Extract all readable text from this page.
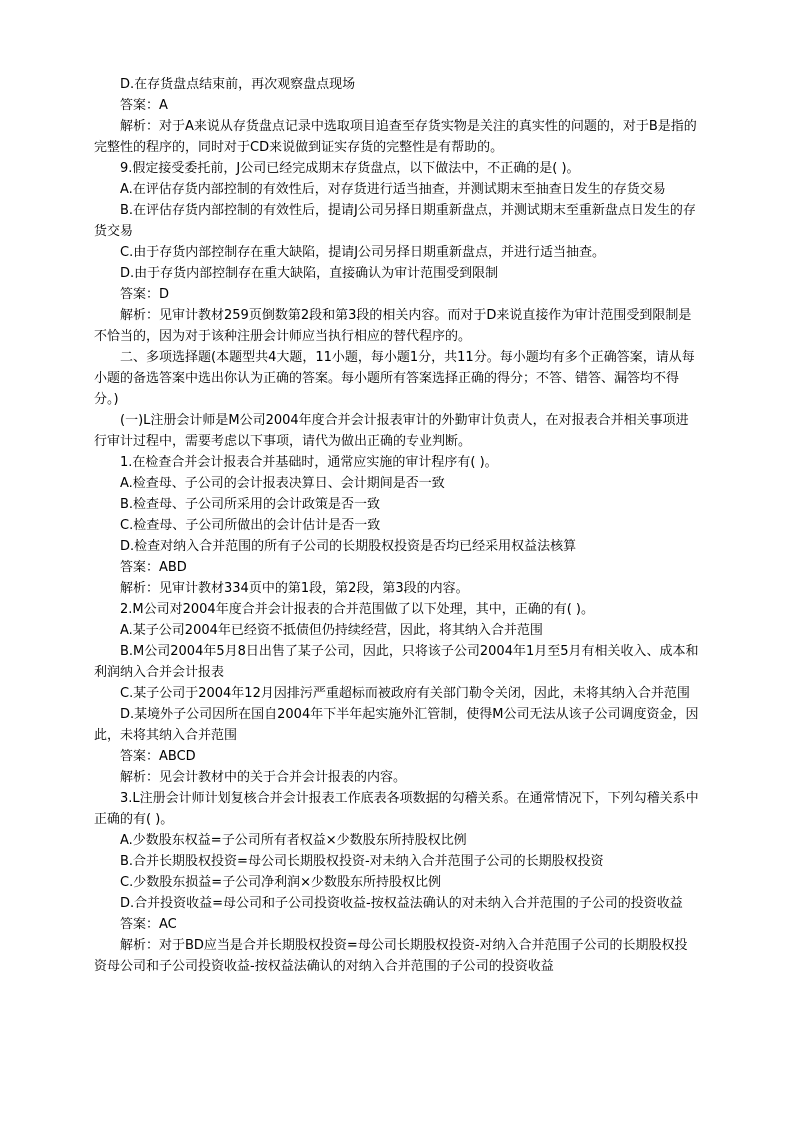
D.在存货盘点结束前，再次观察盘点现场

答案：A

解析：对于A来说从存货盘点记录中选取项目追查至存货实物是关注的真实性的问题的，对于B是指的完整性的程序的，同时对于CD来说做到证实存货的完整性是有帮助的。

9.假定接受委托前，J公司已经完成期末存货盘点，以下做法中，不正确的是( )。

A.在评估存货内部控制的有效性后，对存货进行适当抽查，并测试期末至抽查日发生的存货交易

B.在评估存货内部控制的有效性后，提请J公司另择日期重新盘点，并测试期末至重新盘点日发生的存货交易

C.由于存货内部控制存在重大缺陷，提请J公司另择日期重新盘点，并进行适当抽查。

D.由于存货内部控制存在重大缺陷，直接确认为审计范围受到限制

答案：D

解析：见审计教材259页倒数第2段和第3段的相关内容。而对于D来说直接作为审计范围受到限制是不恰当的，因为对于该种注册会计师应当执行相应的替代程序的。

二、多项选择题(本题型共4大题，11小题，每小题1分，共11分。每小题均有多个正确答案，请从每小题的备选答案中选出你认为正确的答案。每小题所有答案选择正确的得分；不答、错答、漏答均不得分。)

(一)L注册会计师是M公司2004年度合并会计报表审计的外勤审计负责人，在对报表合并相关事项进行审计过程中，需要考虑以下事项，请代为做出正确的专业判断。

1.在检查合并会计报表合并基础时，通常应实施的审计程序有( )。

A.检查母、子公司的会计报表决算日、会计期间是否一致

B.检查母、子公司所采用的会计政策是否一致

C.检查母、子公司所做出的会计估计是否一致

D.检查对纳入合并范围的所有子公司的长期股权投资是否均已经采用权益法核算

答案：ABD

解析：见审计教材334页中的第1段，第2段，第3段的内容。

2.M公司对2004年度合并会计报表的合并范围做了以下处理，其中，正确的有( )。

A.某子公司2004年已经资不抵债但仍持续经营，因此，将其纳入合并范围

B.M公司2004年5月8日出售了某子公司，因此，只将该子公司2004年1月至5月有相关收入、成本和利润纳入合并会计报表

C.某子公司于2004年12月因排污严重超标而被政府有关部门勒令关闭，因此，未将其纳入合并范围

D.某境外子公司因所在国自2004年下半年起实施外汇管制，使得M公司无法从该子公司调度资金，因此，未将其纳入合并范围

答案：ABCD

解析：见会计教材中的关于合并会计报表的内容。

3.L注册会计师计划复核合并会计报表工作底表各项数据的勾稽关系。在通常情况下，下列勾稽关系中正确的有( )。

A.少数股东权益=子公司所有者权益×少数股东所持股权比例

B.合并长期股权投资=母公司长期股权投资-对未纳入合并范围子公司的长期股权投资

C.少数股东损益=子公司净利润×少数股东所持股权比例

D.合并投资收益=母公司和子公司投资收益-按权益法确认的对未纳入合并范围的子公司的投资收益

答案：AC

解析：对于BD应当是合并长期股权投资=母公司长期股权投资-对纳入合并范围子公司的长期股权投资母公司和子公司投资收益-按权益法确认的对纳入合并范围的子公司的投资收益
